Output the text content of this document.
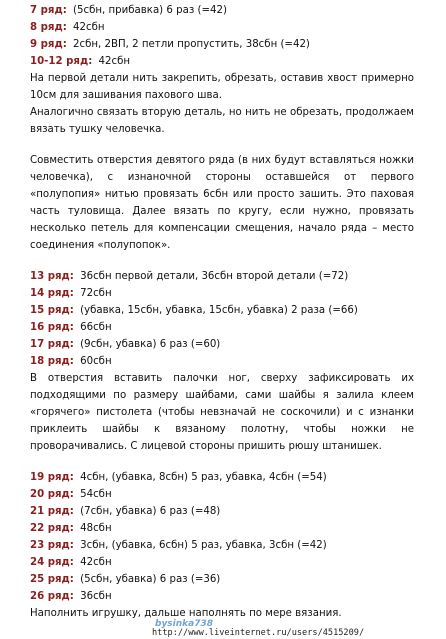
7 ряд: (5сбн, прибавка) 6 раз (=42)
8 ряд: 42сбн
9 ряд: 2сбн, 2ВП, 2 петли пропустить, 38сбн (=42)
10-12 ряд: 42сбн
На первой детали нить закрепить, обрезать, оставив хвост примерно 10см для зашивания пахового шва.
Аналогично связать вторую деталь, но нить не обрезать, продолжаем вязать тушку человечка.
Совместить отверстия девятого ряда (в них будут вставляться ножки человечка), с изнаночной стороны оставшейся от первого «полупопия» нитью провязать 6сбн или просто зашить. Это паховая часть туловища. Далее вязать по кругу, если нужно, провязать несколько петель для компенсации смещения, начало ряда – место соединения «полупопок».
13 ряд: 36сбн первой детали, 36сбн второй детали (=72)
14 ряд: 72сбн
15 ряд: (убавка, 15сбн, убавка, 15сбн, убавка) 2 раза (=66)
16 ряд: 66сбн
17 ряд: (9сбн, убавка) 6 раз (=60)
18 ряд: 60сбн
В отверстия вставить палочки ног, сверху зафиксировать их подходящими по размеру шайбами, сами шайбы я залила клеем «горячего» пистолета (чтобы невзначай не соскочили) и с изнанки приклеить шайбы к вязаному полотну, чтобы ножки не проворачивались. С лицевой стороны пришить рюшу штанишек.
19 ряд: 4сбн, (убавка, 8сбн) 5 раз, убавка, 4сбн (=54)
20 ряд: 54сбн
21 ряд: (7сбн, убавка) 6 раз (=48)
22 ряд: 48сбн
23 ряд: 3сбн, (убавка, 6сбн) 5 раз, убавка, 3сбн (=42)
24 ряд: 42сбн
25 ряд: (5сбн, убавка) 6 раз (=36)
26 ряд: 36сбн
Наполнить игрушку, дальше наполнять по мере вязания.
bysinka738
http://www.liveinternet.ru/users/4515209/
